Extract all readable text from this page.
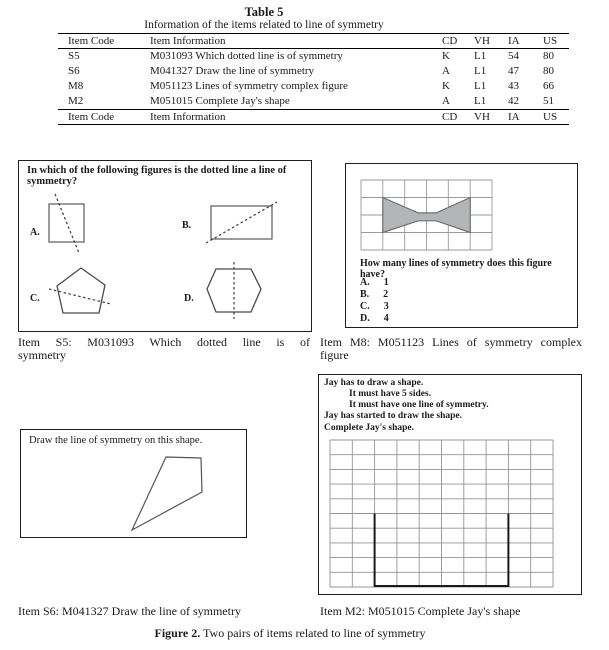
Table 5
Information of the items related to line of symmetry
Item Code	Item Information	CD	VH	IA	US
S5	M031093 Which dotted line is of symmetry	K	L1	54	80
S6	M041327 Draw the line of symmetry	A	L1	47	80
M8	M051123 Lines of symmetry complex figure	K	L1	43	66
M2	M051015 Complete Jay's shape	A	L1	42	51
Item Code	Item Information	CD	VH	IA	US
In which of the following figures is the dotted line a line of symmetry?
A.
B.
C.	D.
How many lines of symmetry does this figure have?
A. 1
B. 2
C. 3
D. 4
Item S5: M031093 Which dotted line is of
symmetry
Item M8: M051123 Lines of symmetry complex
figure
Jay has to draw a shape.
It must have 5 sides.
It must have one line of symmetry.
Jay has started to draw the shape.
Complete Jay's shape.
Draw the line of symmetry on this shape.
Item S6: M041327 Draw the line of symmetry	Item M2: M051015 Complete Jay's shape
Figure 2. Two pairs of items related to line of symmetry
